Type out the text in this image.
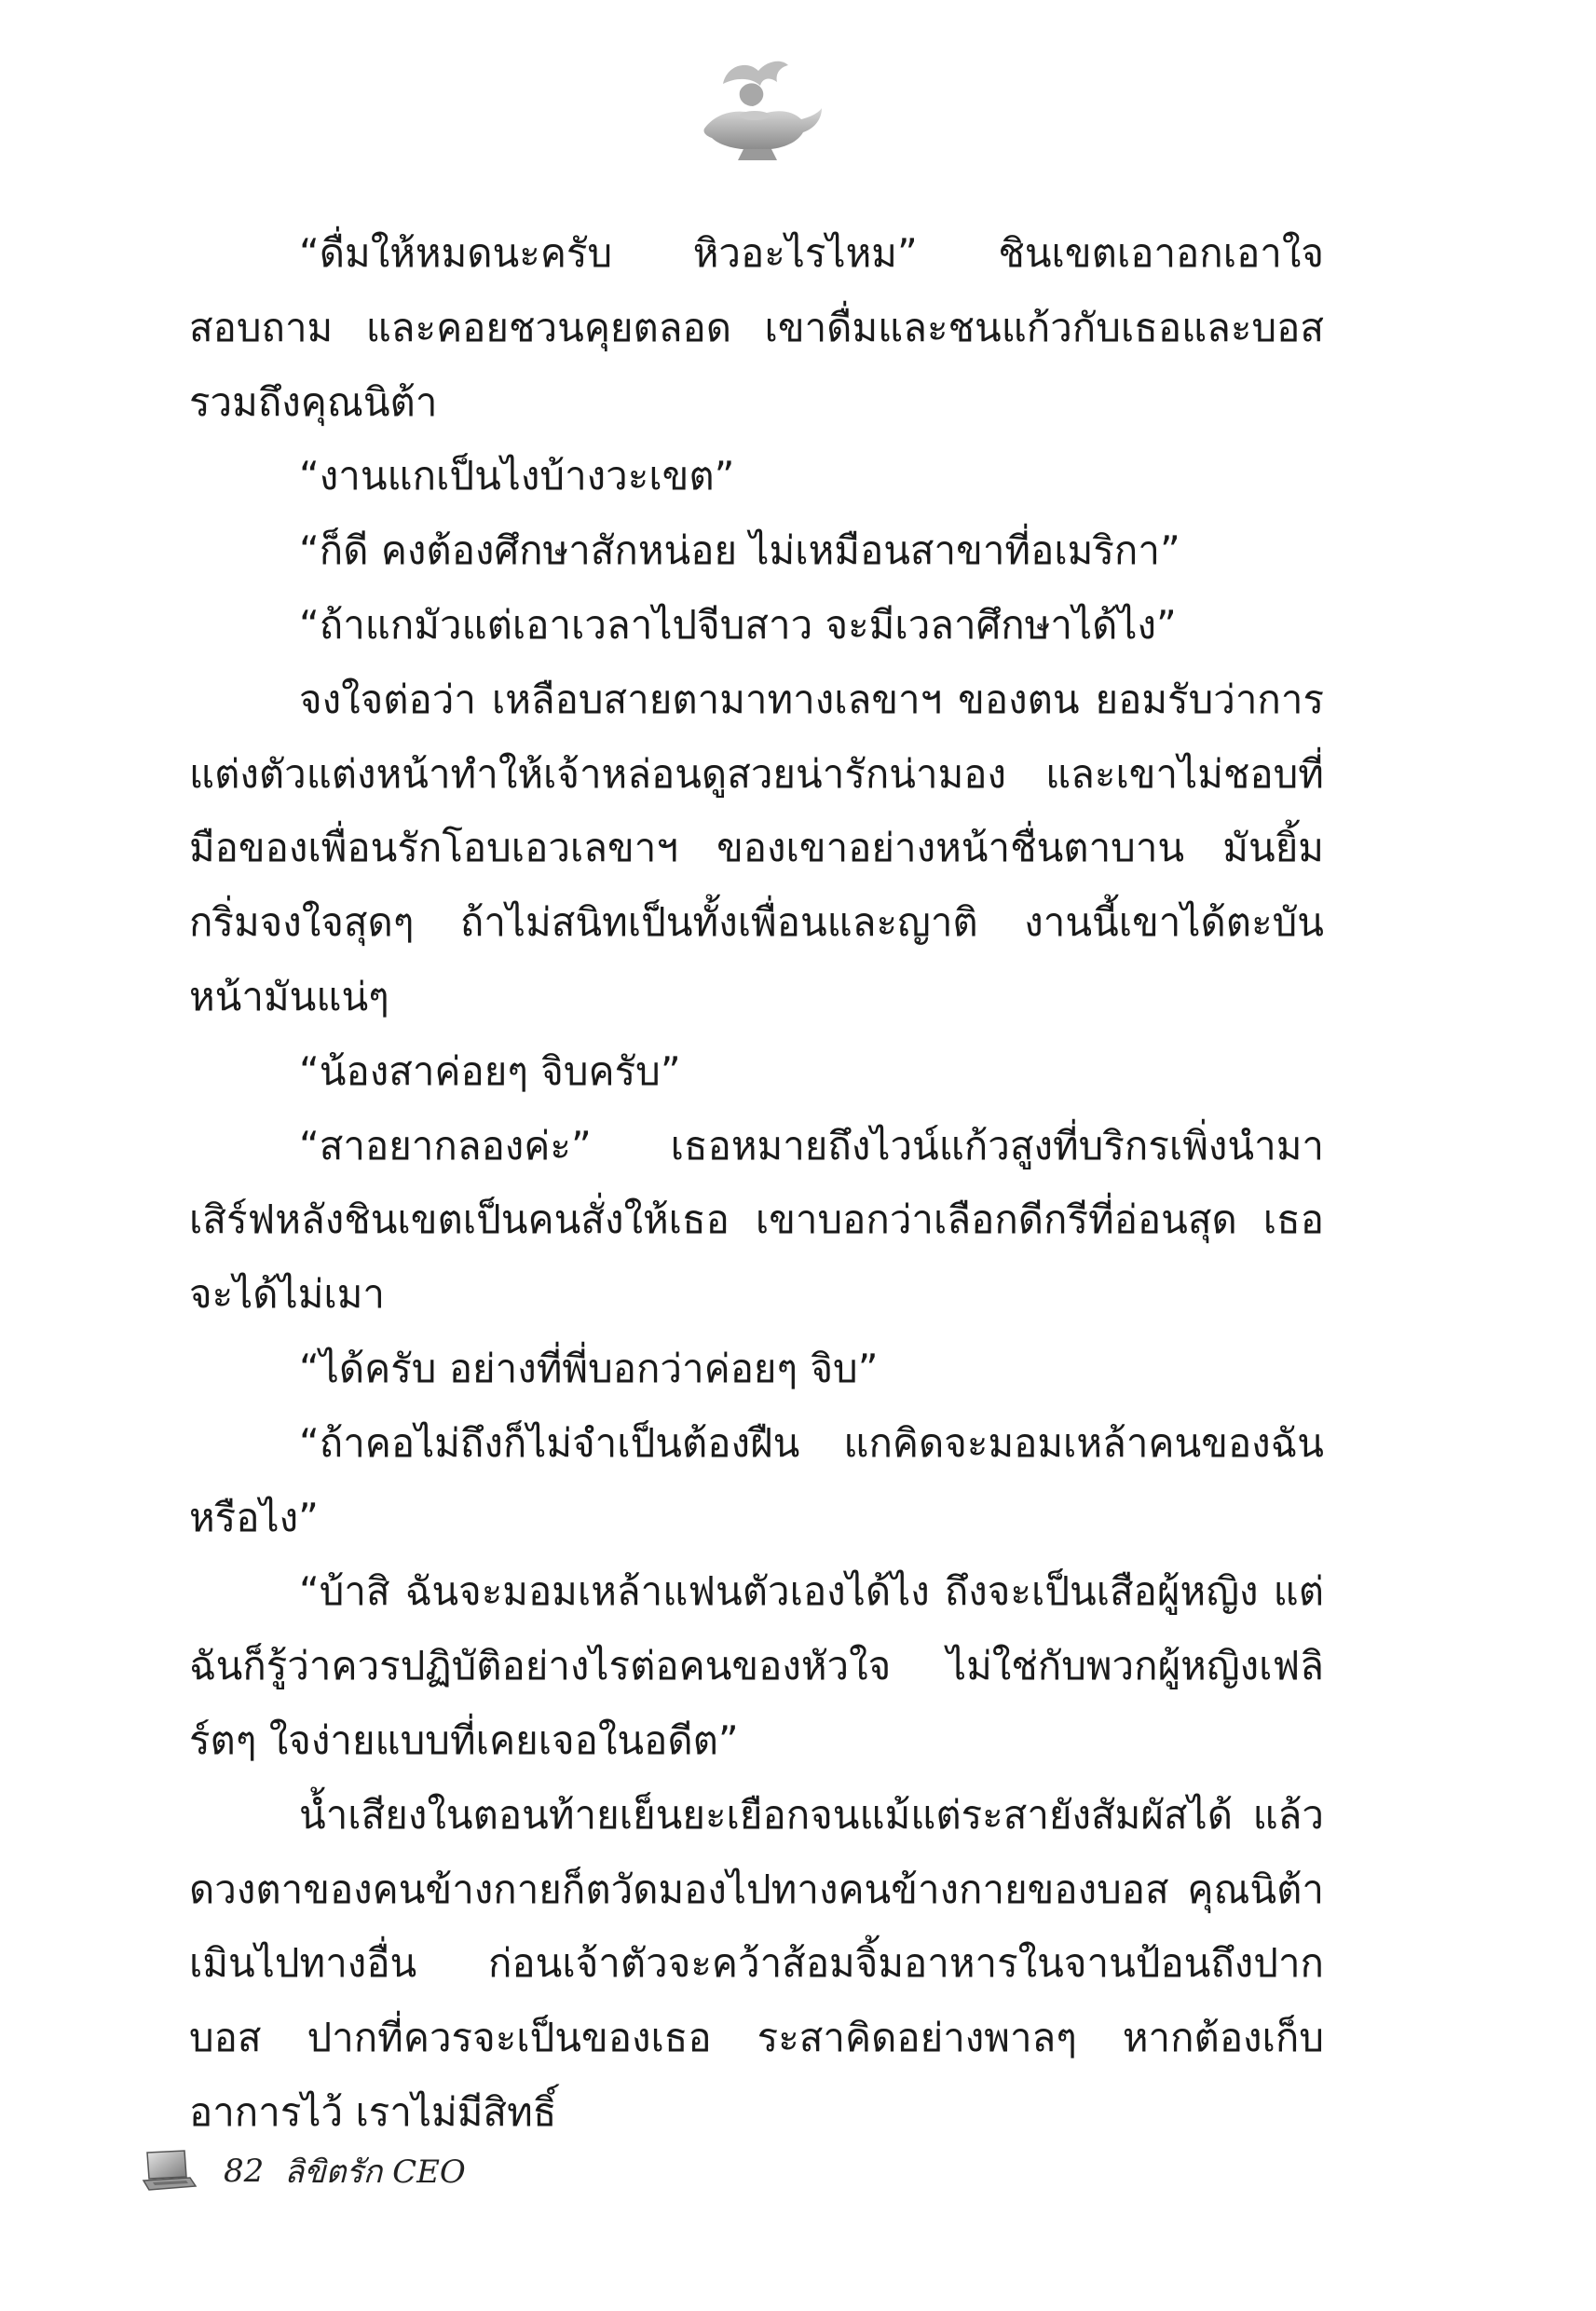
“ดื่มให้หมดนะครับ หิวอะไรไหม” ชินเขตเอาอกเอาใจสอบถาม และคอยชวนคุยตลอด เขาดื่มและชนแก้วกับเธอและบอส รวมถึงคุณนิต้า

“งานแกเป็นไงบ้างวะเขต”

“ก็ดี คงต้องศึกษาสักหน่อย ไม่เหมือนสาขาที่อเมริกา”

“ถ้าแกมัวแต่เอาเวลาไปจีบสาว จะมีเวลาศึกษาได้ไง”

จงใจต่อว่า เหลือบสายตามาทางเลขาฯ ของตน ยอมรับว่าการแต่งตัวแต่งหน้าทำให้เจ้าหล่อนดูสวยน่ารักน่ามอง และเขาไม่ชอบที่มือของเพื่อนรักโอบเอวเลขาฯ ของเขาอย่างหน้าชื่นตาบาน มันยิ้มกริ่มจงใจสุดๆ ถ้าไม่สนิทเป็นทั้งเพื่อนและญาติ งานนี้เขาได้ตะบันหน้ามันแน่ๆ

“น้องสาค่อยๆ จิบครับ”

“สาอยากลองค่ะ” เธอหมายถึงไวน์แก้วสูงที่บริกรเพิ่งนำมาเสิร์ฟหลังชินเขตเป็นคนสั่งให้เธอ เขาบอกว่าเลือกดีกรีที่อ่อนสุด เธอจะได้ไม่เมา

“ได้ครับ อย่างที่พี่บอกว่าค่อยๆ จิบ”

“ถ้าคอไม่ถึงก็ไม่จำเป็นต้องฝืน แกคิดจะมอมเหล้าคนของฉันหรือไง”

“บ้าสิ ฉันจะมอมเหล้าแฟนตัวเองได้ไง ถึงจะเป็นเสือผู้หญิง แต่ฉันก็รู้ว่าควรปฏิบัติอย่างไรต่อคนของหัวใจ ไม่ใช่กับพวกผู้หญิงเฟลิร์ตๆ ใจง่ายแบบที่เคยเจอในอดีต”

น้ำเสียงในตอนท้ายเย็นยะเยือกจนแม้แต่ระสายังสัมผัสได้ แล้วดวงตาของคนข้างกายก็ตวัดมองไปทางคนข้างกายของบอส คุณนิต้าเมินไปทางอื่น ก่อนเจ้าตัวจะคว้าส้อมจิ้มอาหารในจานป้อนถึงปากบอส ปากที่ควรจะเป็นของเธอ ระสาคิดอย่างพาลๆ หากต้องเก็บอาการไว้ เราไม่มีสิทธิ์

82 ลิขิตรัก CEO
